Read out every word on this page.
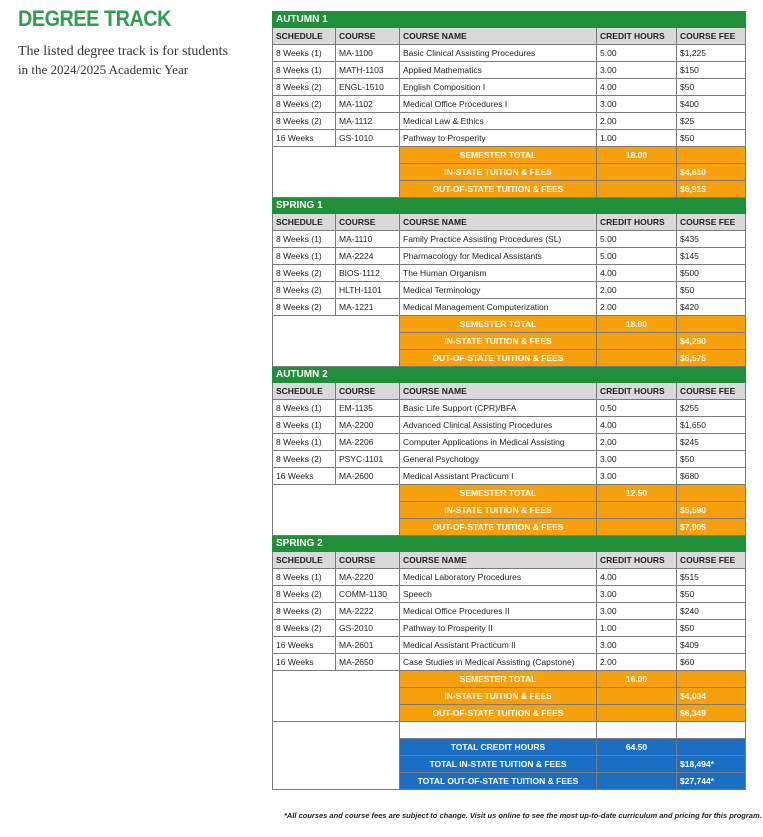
DEGREE TRACK
The listed degree track is for students
in the 2024/2025 Academic Year
AUTUMN 1				
SCHEDULE	COURSE	COURSE NAME	CREDIT HOURS	COURSE FEE
8 Weeks (1)	MA-1100	Basic Clinical Assisting Procedures	5.00	$1,225
8 Weeks (1)	MATH-1103	Applied Mathematics	3.00	$150
8 Weeks (2)	ENGL-1510	English Composition I	4.00	$50
8 Weeks (2)	MA-1102	Medical Office Procedures I	3.00	$400
8 Weeks (2)	MA-1112	Medical Law & Ethics	2.00	$25
16 Weeks	GS-1010	Pathway to Prosperity	1.00	$50
		SEMESTER TOTAL	18.00	
		IN-STATE TUITION & FEES		$4,610
		OUT-OF-STATE TUITION & FEES		$6,915
SPRING 1				
SCHEDULE	COURSE	COURSE NAME	CREDIT HOURS	COURSE FEE
8 Weeks (1)	MA-1110	Family Practice Assisting Procedures (SL)	5.00	$435
8 Weeks (1)	MA-2224	Pharmacology for Medical Assistants	5.00	$145
8 Weeks (2)	BIOS-1112	The Human Organism	4.00	$500
8 Weeks (2)	HLTH-1101	Medical Terminology	2.00	$50
8 Weeks (2)	MA-1221	Medical Management Computerization	2.00	$420
		SEMESTER TOTAL	18.00	
		IN-STATE TUITION & FEES		$4,260
		OUT-OF-STATE TUITION & FEES		$6,575
AUTUMN 2				
SCHEDULE	COURSE	COURSE NAME	CREDIT HOURS	COURSE FEE
8 Weeks (1)	EM-1135	Basic Life Support (CPR)/BFA	0.50	$255
8 Weeks (1)	MA-2200	Advanced Clinical Assisting Procedures	4.00	$1,650
8 Weeks (1)	MA-2206	Computer Applications in Medical Assisting	2.00	$245
8 Weeks (2)	PSYC-1101	General Psychology	3.00	$50
16 Weeks	MA-2600	Medical Assistant Practicum I	3.00	$680
		SEMESTER TOTAL	12.50	
		IN-STATE TUITION & FEES		$5,590
		OUT-OF-STATE TUITION & FEES		$7,905
SPRING 2				
SCHEDULE	COURSE	COURSE NAME	CREDIT HOURS	COURSE FEE
8 Weeks (1)	MA-2220	Medical Laboratory Procedures	4.00	$515
8 Weeks (2)	COMM-1130	Speech	3.00	$50
8 Weeks (2)	MA-2222	Medical Office Procedures II	3.00	$240
8 Weeks (2)	GS-2010	Pathway to Prosperity II	1.00	$50
16 Weeks	MA-2601	Medical Assistant Practicum II	3.00	$409
16 Weeks	MA-2650	Case Studies in Medical Assisting (Capstone)	2.00	$60
		SEMESTER TOTAL	16.00	
		IN-STATE TUITION & FEES		$4,034
		OUT-OF-STATE TUITION & FEES		$6,349

		TOTAL CREDIT HOURS	64.50	
		TOTAL IN-STATE TUITION & FEES		$18,494*
		TOTAL OUT-OF-STATE TUITION & FEES		$27,744*
*All courses and course fees are subject to change. Visit us online to see the most up-to-date curriculum and pricing for this program.
